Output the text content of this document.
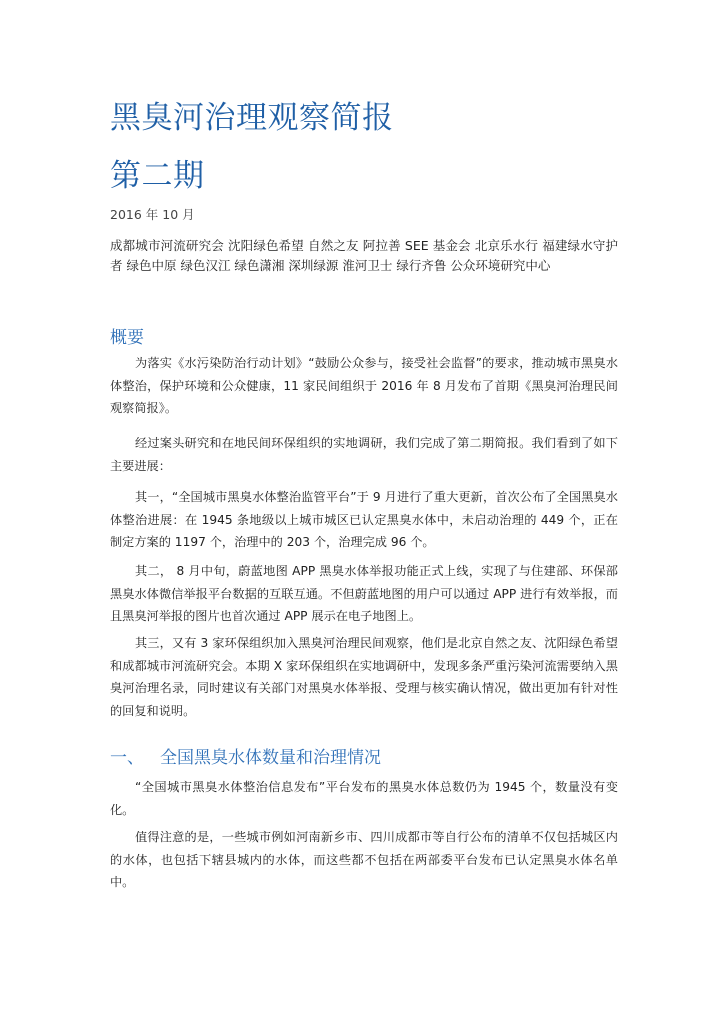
黑臭河治理观察简报
第二期
2016 年 10 月
成都城市河流研究会 沈阳绿色希望 自然之友 阿拉善 SEE 基金会 北京乐水行 福建绿水守护者 绿色中原 绿色汉江 绿色潇湘 深圳绿源 淮河卫士 绿行齐鲁 公众环境研究中心
概要

为落实《水污染防治行动计划》“鼓励公众参与，接受社会监督”的要求，推动城市黑臭水体整治，保护环境和公众健康，11 家民间组织于 2016 年 8 月发布了首期《黑臭河治理民间观察简报》。

经过案头研究和在地民间环保组织的实地调研，我们完成了第二期简报。我们看到了如下主要进展：

其一，“全国城市黑臭水体整治监管平台”于 9 月进行了重大更新，首次公布了全国黑臭水体整治进展：在 1945 条地级以上城市城区已认定黑臭水体中，未启动治理的 449 个，正在制定方案的 1197 个，治理中的 203 个，治理完成 96 个。

其二， 8 月中旬，蔚蓝地图 APP 黑臭水体举报功能正式上线，实现了与住建部、环保部黑臭水体微信举报平台数据的互联互通。不但蔚蓝地图的用户可以通过 APP 进行有效举报，而且黑臭河举报的图片也首次通过 APP 展示在电子地图上。

其三，又有 3 家环保组织加入黑臭河治理民间观察，他们是北京自然之友、沈阳绿色希望和成都城市河流研究会。本期 X 家环保组织在实地调研中，发现多条严重污染河流需要纳入黑臭河治理名录，同时建议有关部门对黑臭水体举报、受理与核实确认情况，做出更加有针对性的回复和说明。

一、 全国黑臭水体数量和治理情况

“全国城市黑臭水体整治信息发布”平台发布的黑臭水体总数仍为 1945 个，数量没有变化。

值得注意的是，一些城市例如河南新乡市、四川成都市等自行公布的清单不仅包括城区内的水体，也包括下辖县城内的水体，而这些都不包括在两部委平台发布已认定黑臭水体名单中。
